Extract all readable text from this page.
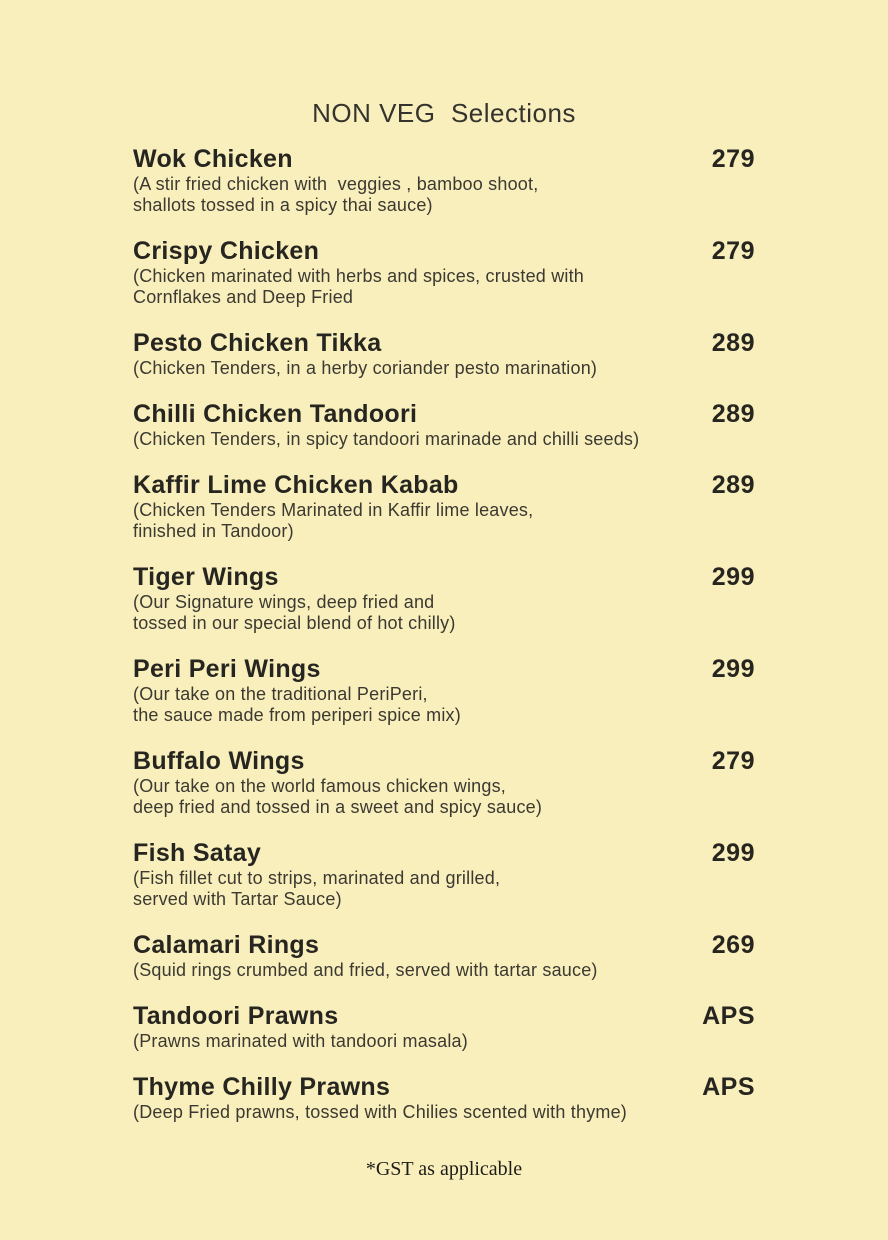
NON VEG  Selections
Wok Chicken	279
(A stir fried chicken with  veggies , bamboo shoot,
shallots tossed in a spicy thai sauce)
Crispy Chicken	279
(Chicken marinated with herbs and spices, crusted with
Cornflakes and Deep Fried
Pesto Chicken Tikka	289
(Chicken Tenders, in a herby coriander pesto marination)
Chilli Chicken Tandoori	289
(Chicken Tenders, in spicy tandoori marinade and chilli seeds)
Kaffir Lime Chicken Kabab	289
(Chicken Tenders Marinated in Kaffir lime leaves,
finished in Tandoor)
Tiger Wings	299
(Our Signature wings, deep fried and
tossed in our special blend of hot chilly)
Peri Peri Wings	299
(Our take on the traditional PeriPeri,
the sauce made from periperi spice mix)
Buffalo Wings	279
(Our take on the world famous chicken wings,
deep fried and tossed in a sweet and spicy sauce)
Fish Satay	299
(Fish fillet cut to strips, marinated and grilled,
served with Tartar Sauce)
Calamari Rings	269
(Squid rings crumbed and fried, served with tartar sauce)
Tandoori Prawns	APS
(Prawns marinated with tandoori masala)
Thyme Chilly Prawns	APS
(Deep Fried prawns, tossed with Chilies scented with thyme)
*GST as applicable
